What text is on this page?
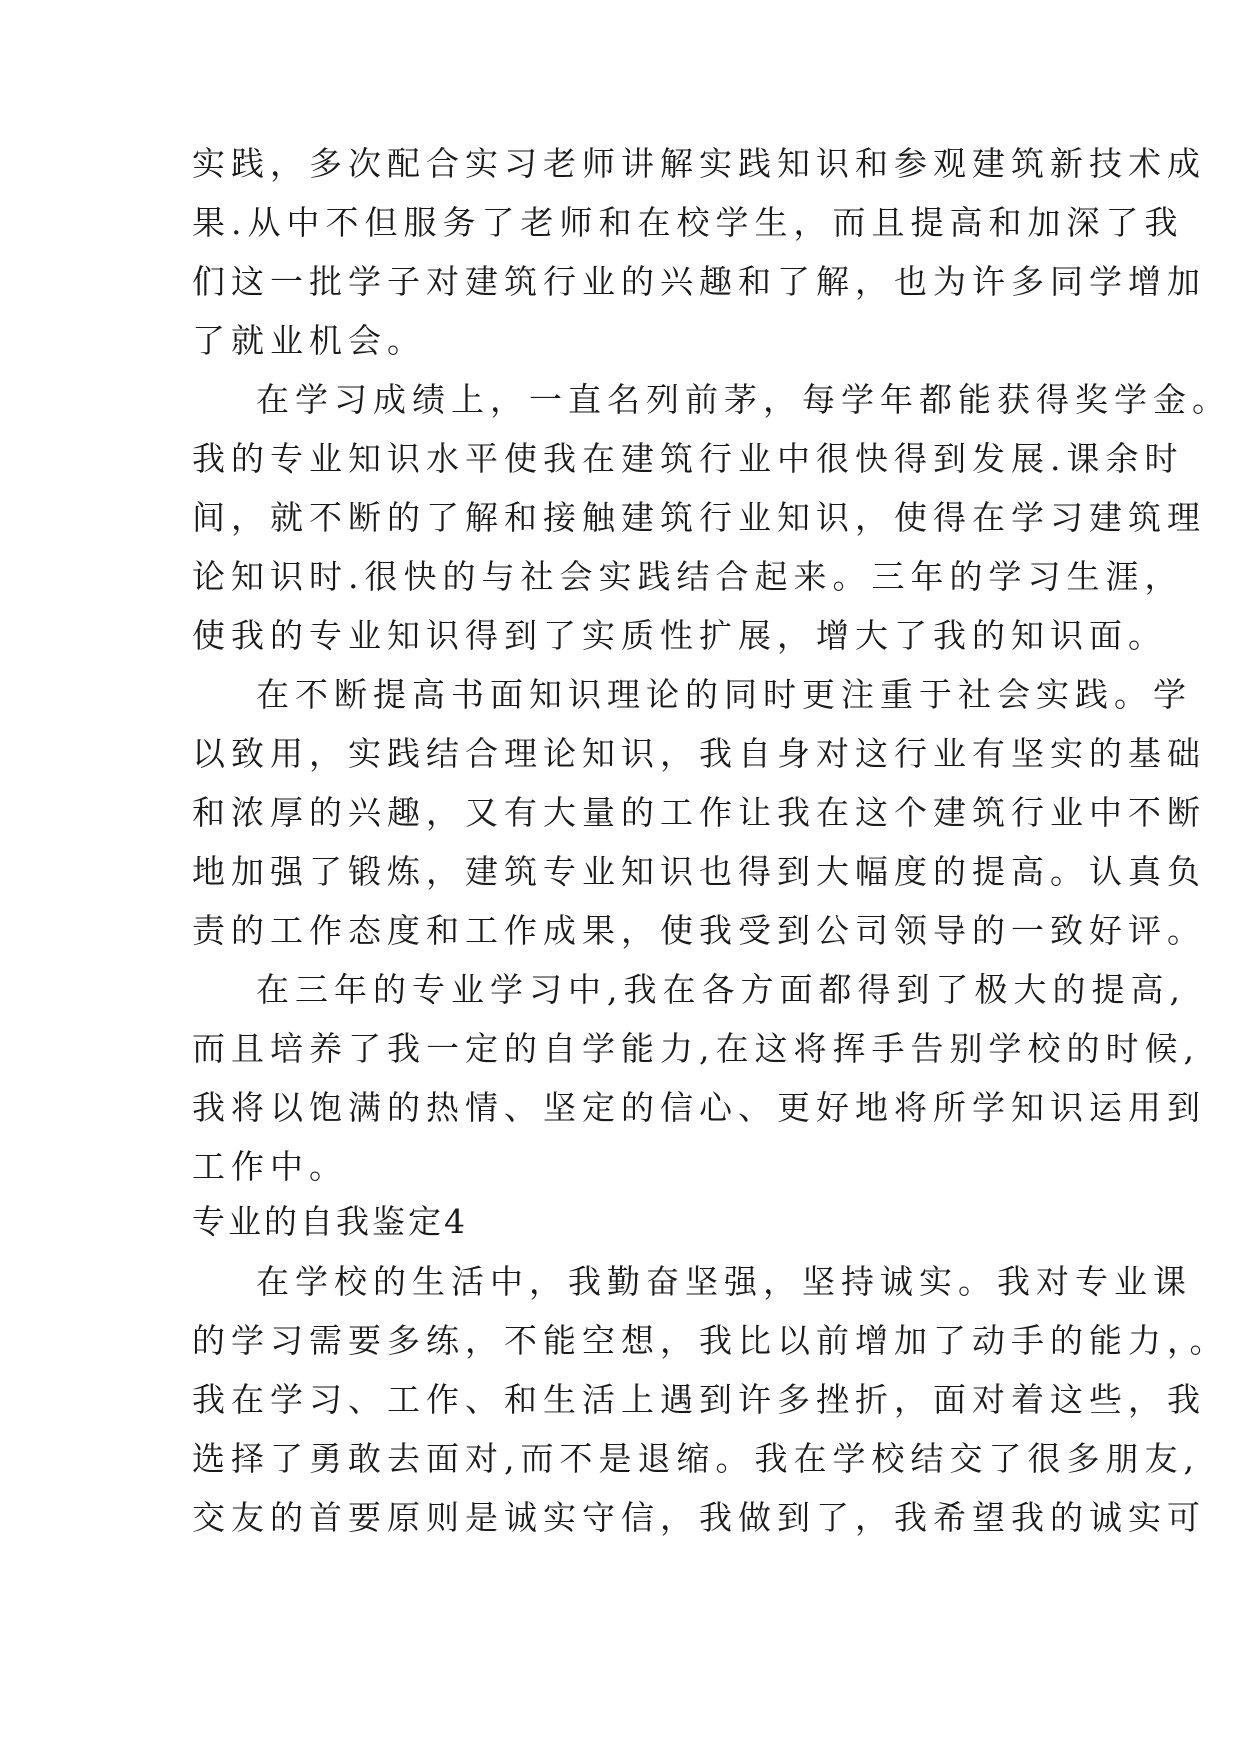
实践，多次配合实习老师讲解实践知识和参观建筑新技术成
果.从中不但服务了老师和在校学生，而且提高和加深了我
们这一批学子对建筑行业的兴趣和了解，也为许多同学增加
了就业机会。
在学习成绩上，一直名列前茅，每学年都能获得奖学金。
我的专业知识水平使我在建筑行业中很快得到发展.课余时
间，就不断的了解和接触建筑行业知识，使得在学习建筑理
论知识时.很快的与社会实践结合起来。三年的学习生涯，
使我的专业知识得到了实质性扩展，增大了我的知识面。
在不断提高书面知识理论的同时更注重于社会实践。学
以致用，实践结合理论知识，我自身对这行业有坚实的基础
和浓厚的兴趣，又有大量的工作让我在这个建筑行业中不断
地加强了锻炼，建筑专业知识也得到大幅度的提高。认真负
责的工作态度和工作成果，使我受到公司领导的一致好评。
在三年的专业学习中,我在各方面都得到了极大的提高,
而且培养了我一定的自学能力,在这将挥手告别学校的时候,
我将以饱满的热情、坚定的信心、更好地将所学知识运用到
工作中。
专业的自我鉴定4
在学校的生活中，我勤奋坚强，坚持诚实。我对专业课
的学习需要多练，不能空想，我比以前增加了动手的能力，。
我在学习、工作、和生活上遇到许多挫折，面对着这些，我
选择了勇敢去面对,而不是退缩。我在学校结交了很多朋友,
交友的首要原则是诚实守信，我做到了，我希望我的诚实可
